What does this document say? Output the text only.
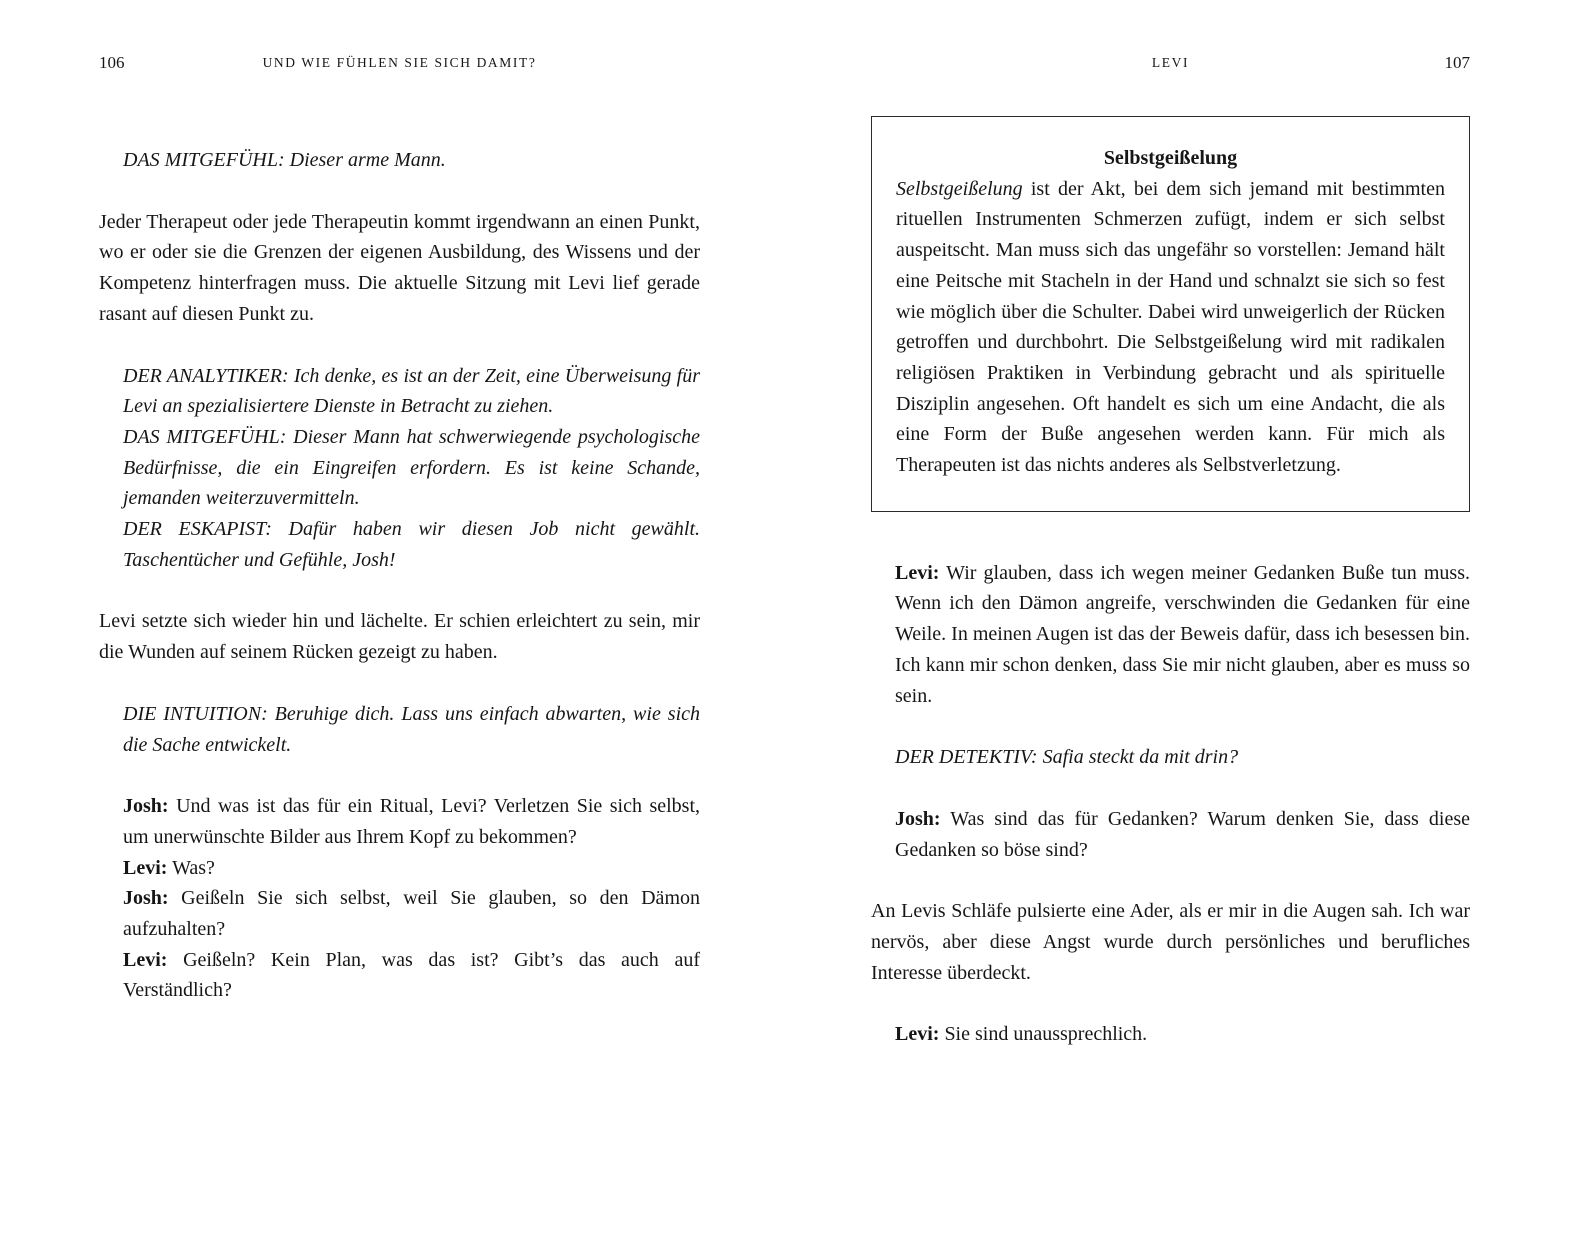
106	UND WIE FÜHLEN SIE SICH DAMIT?

DAS MITGEFÜHL: Dieser arme Mann.

Jeder Therapeut oder jede Therapeutin kommt irgendwann an einen Punkt, wo er oder sie die Grenzen der eigenen Ausbildung, des Wissens und der Kompetenz hinterfragen muss. Die aktuelle Sitzung mit Levi lief gerade rasant auf diesen Punkt zu.

DER ANALYTIKER: Ich denke, es ist an der Zeit, eine Überweisung für Levi an spezialisiertere Dienste in Betracht zu ziehen.

DAS MITGEFÜHL: Dieser Mann hat schwerwiegende psychologische Bedürfnisse, die ein Eingreifen erfordern. Es ist keine Schande, jemanden weiterzuvermitteln.

DER ESKAPIST: Dafür haben wir diesen Job nicht gewählt. Taschentücher und Gefühle, Josh!

Levi setzte sich wieder hin und lächelte. Er schien erleichtert zu sein, mir die Wunden auf seinem Rücken gezeigt zu haben.

DIE INTUITION: Beruhige dich. Lass uns einfach abwarten, wie sich die Sache entwickelt.

Josh: Und was ist das für ein Ritual, Levi? Verletzen Sie sich selbst, um unerwünschte Bilder aus Ihrem Kopf zu bekommen?

Levi: Was?

Josh: Geißeln Sie sich selbst, weil Sie glauben, so den Dämon aufzuhalten?

Levi: Geißeln? Kein Plan, was das ist? Gibt’s das auch auf Verständlich?

107
LEVI

Selbstgeißelung

Selbstgeißelung ist der Akt, bei dem sich jemand mit bestimmten rituellen Instrumenten Schmerzen zufügt, indem er sich selbst auspeitscht. Man muss sich das ungefähr so vorstellen: Jemand hält eine Peitsche mit Stacheln in der Hand und schnalzt sie sich so fest wie möglich über die Schulter. Dabei wird unweigerlich der Rücken getroffen und durchbohrt. Die Selbstgeißelung wird mit radikalen religiösen Praktiken in Verbindung gebracht und als spirituelle Disziplin angesehen. Oft handelt es sich um eine Andacht, die als eine Form der Buße angesehen werden kann. Für mich als Therapeuten ist das nichts anderes als Selbstverletzung.

Levi: Wir glauben, dass ich wegen meiner Gedanken Buße tun muss. Wenn ich den Dämon angreife, verschwinden die Gedanken für eine Weile. In meinen Augen ist das der Beweis dafür, dass ich besessen bin. Ich kann mir schon denken, dass Sie mir nicht glauben, aber es muss so sein.

DER DETEKTIV: Safia steckt da mit drin?

Josh: Was sind das für Gedanken? Warum denken Sie, dass diese Gedanken so böse sind?

An Levis Schläfe pulsierte eine Ader, als er mir in die Augen sah. Ich war nervös, aber diese Angst wurde durch persönliches und berufliches Interesse überdeckt.

Levi: Sie sind unaussprechlich.
